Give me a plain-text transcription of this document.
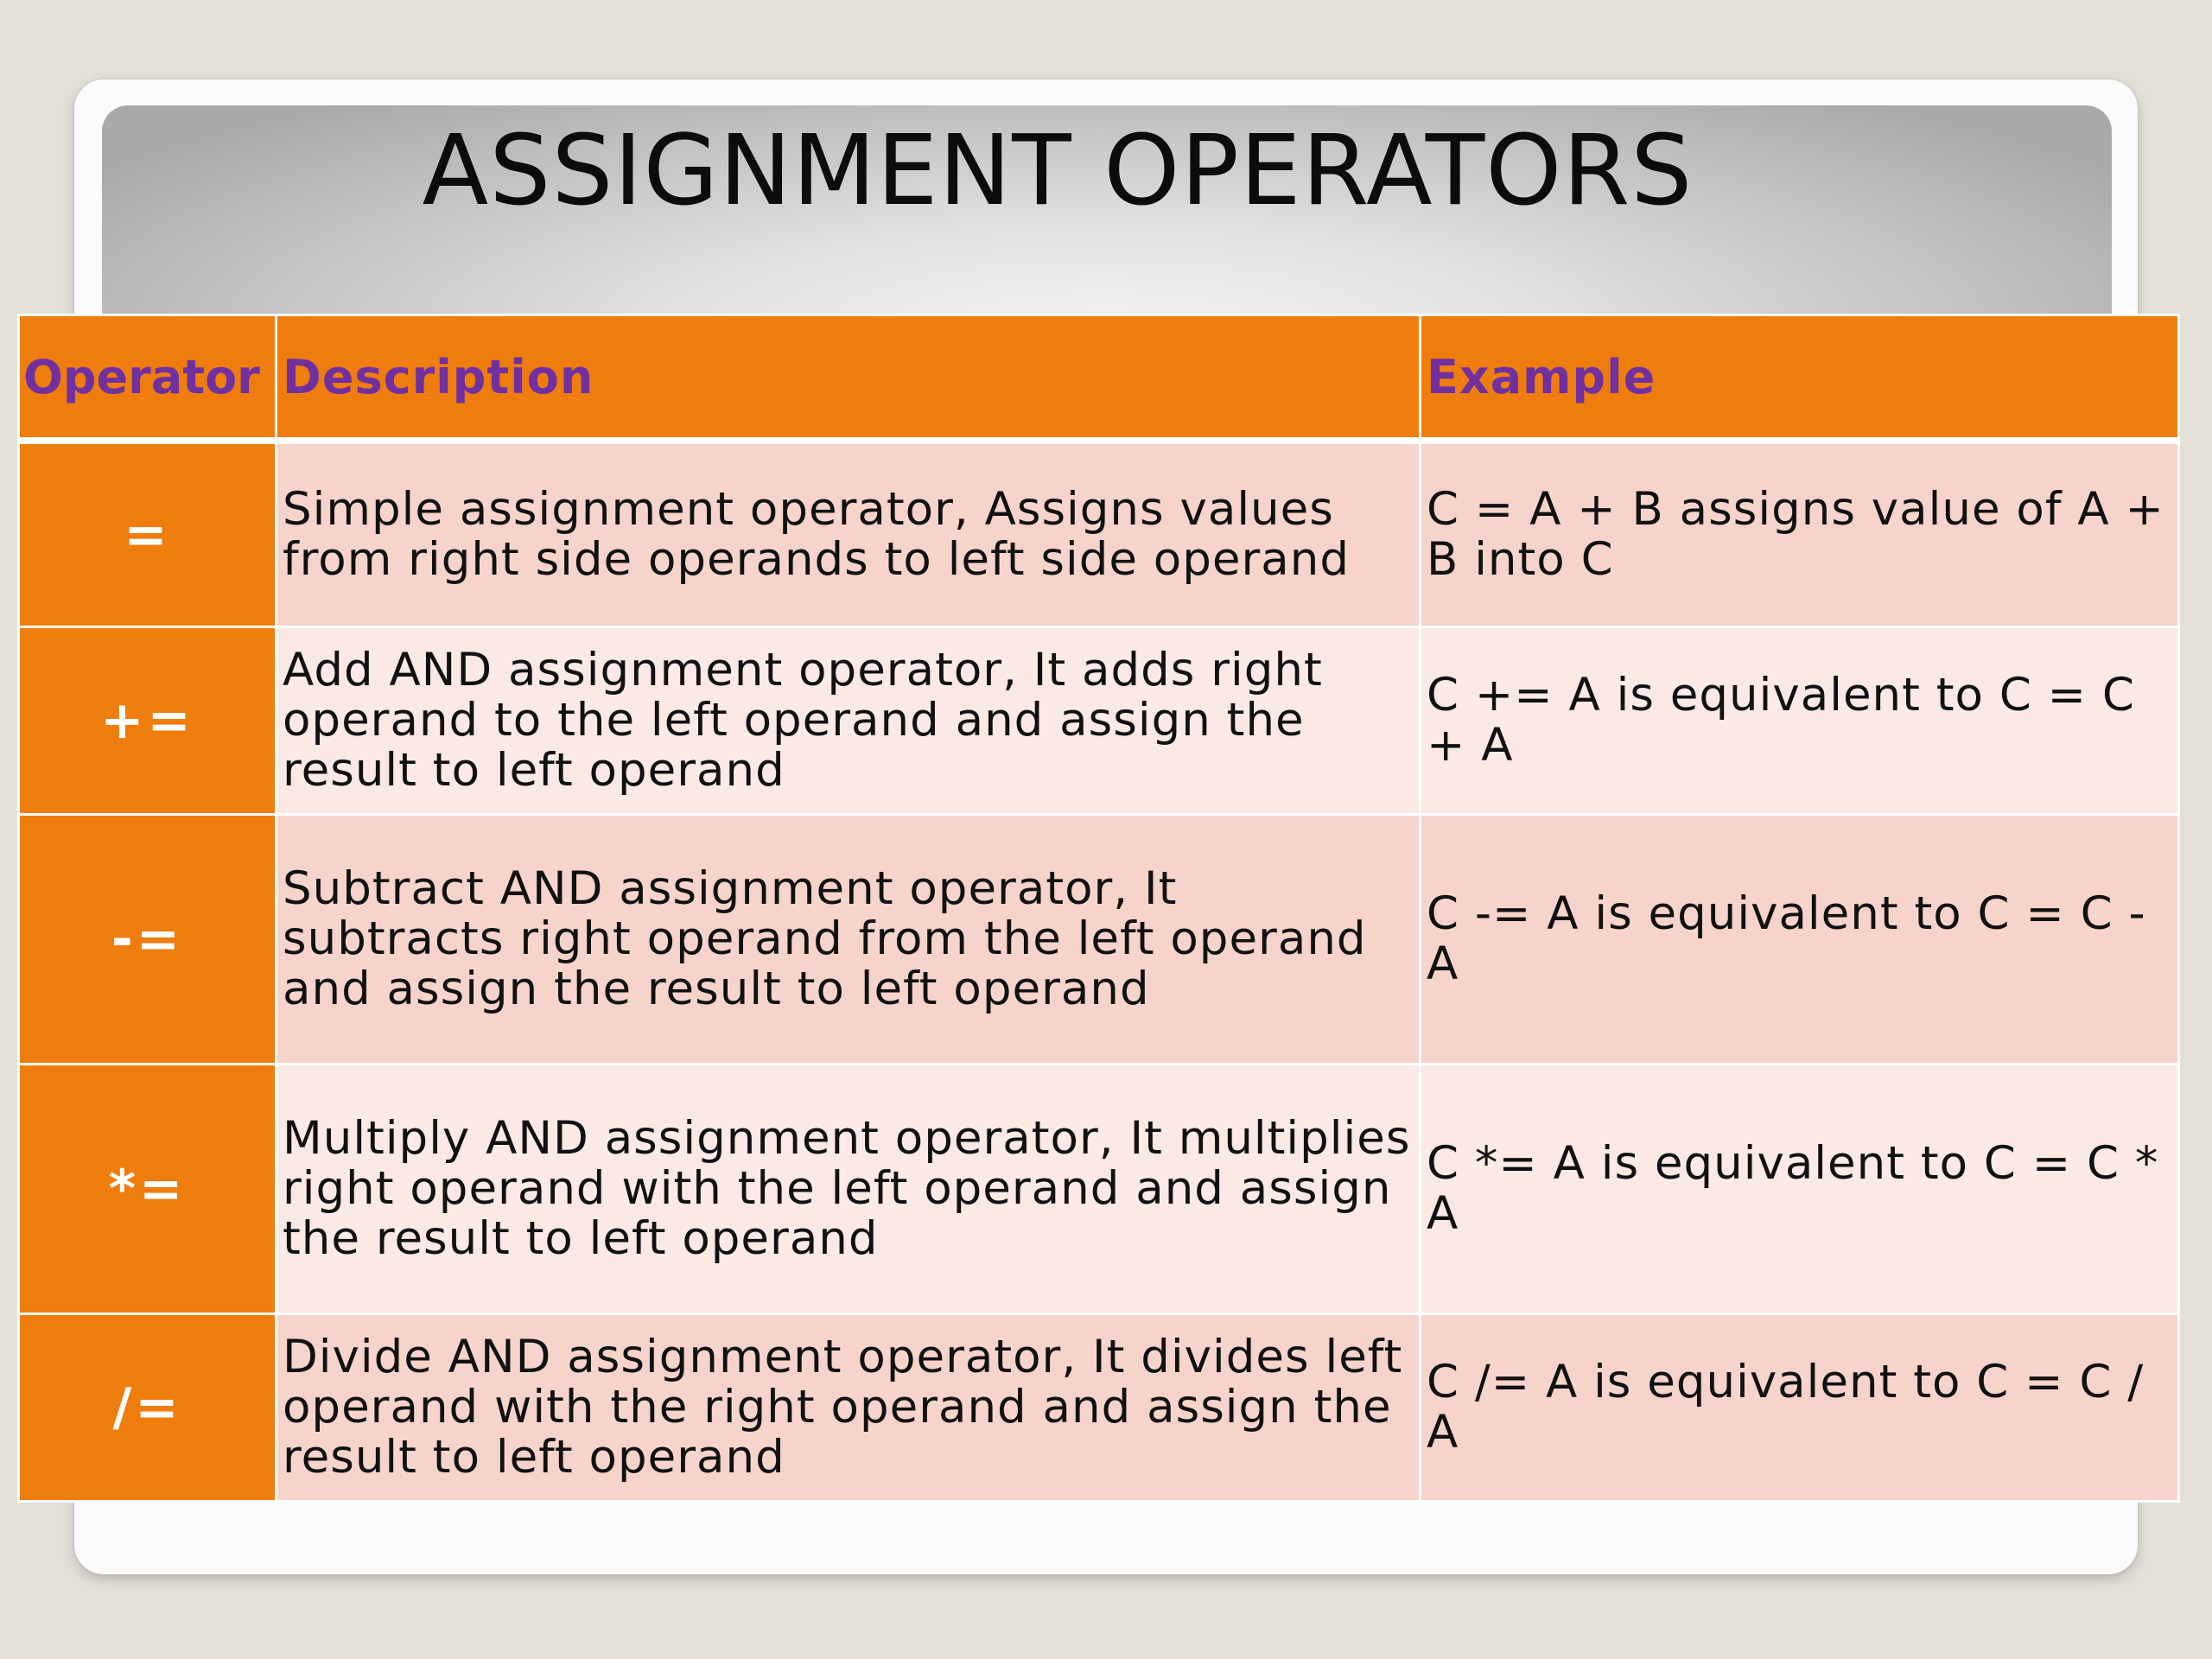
ASSIGNMENT OPERATORS
Operator	Description	Example
=	Simple assignment operator, Assigns values from right side operands to left side operand	C = A + B assigns value of A + B into C
+=	Add AND assignment operator, It adds right operand to the left operand and assign the result to left operand	C += A is equivalent to C = C + A
-=	Subtract AND assignment operator, It subtracts right operand from the left operand and assign the result to left operand	C -= A is equivalent to C = C - A
*=	Multiply AND assignment operator, It multiplies right operand with the left operand and assign the result to left operand	C *= A is equivalent to C = C * A
/=	Divide AND assignment operator, It divides left operand with the right operand and assign the result to left operand	C /= A is equivalent to C = C / A
